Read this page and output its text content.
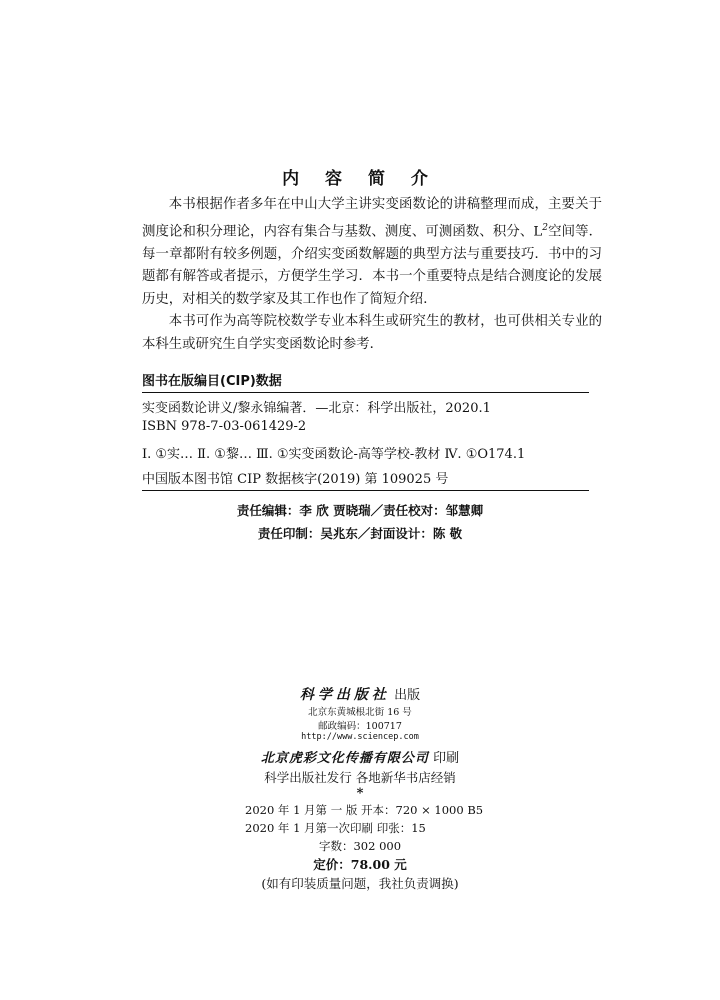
内 容 简 介

本书根据作者多年在中山大学主讲实变函数论的讲稿整理而成，主要关于测度论和积分理论，内容有集合与基数、测度、可测函数、积分、$L^2$空间等．每一章都附有较多例题，介绍实变函数解题的典型方法与重要技巧．书中的习题都有解答或者提示，方便学生学习．本书一个重要特点是结合测度论的发展历史，对相关的数学家及其工作也作了简短介绍．

本书可作为高等院校数学专业本科生或研究生的教材，也可供相关专业的本科生或研究生自学实变函数论时参考．

图书在版编目(CIP)数据
实变函数论讲义/黎永锦编著．—北京：科学出版社，2020.1
ISBN 978-7-03-061429-2
Ⅰ. ①实… Ⅱ. ①黎… Ⅲ. ①实变函数论-高等学校-教材 Ⅳ. ①O174.1
中国版本图书馆 CIP 数据核字(2019) 第 109025 号
责任编辑：李 欣 贾晓瑞／责任校对：邹慧卿
责任印制：吴兆东／封面设计：陈 敬
科学出版社 出版
北京东黄城根北街 16 号
邮政编码：100717
http://www.sciencep.com
北京虎彩文化传播有限公司 印刷
科学出版社发行 各地新华书店经销
*
2020 年 1 月第 一 版 开本：720 × 1000 B5
2020 年 1 月第一次印刷 印张：15
字数：302 000
定价：78.00 元
(如有印装质量问题，我社负责调换)
